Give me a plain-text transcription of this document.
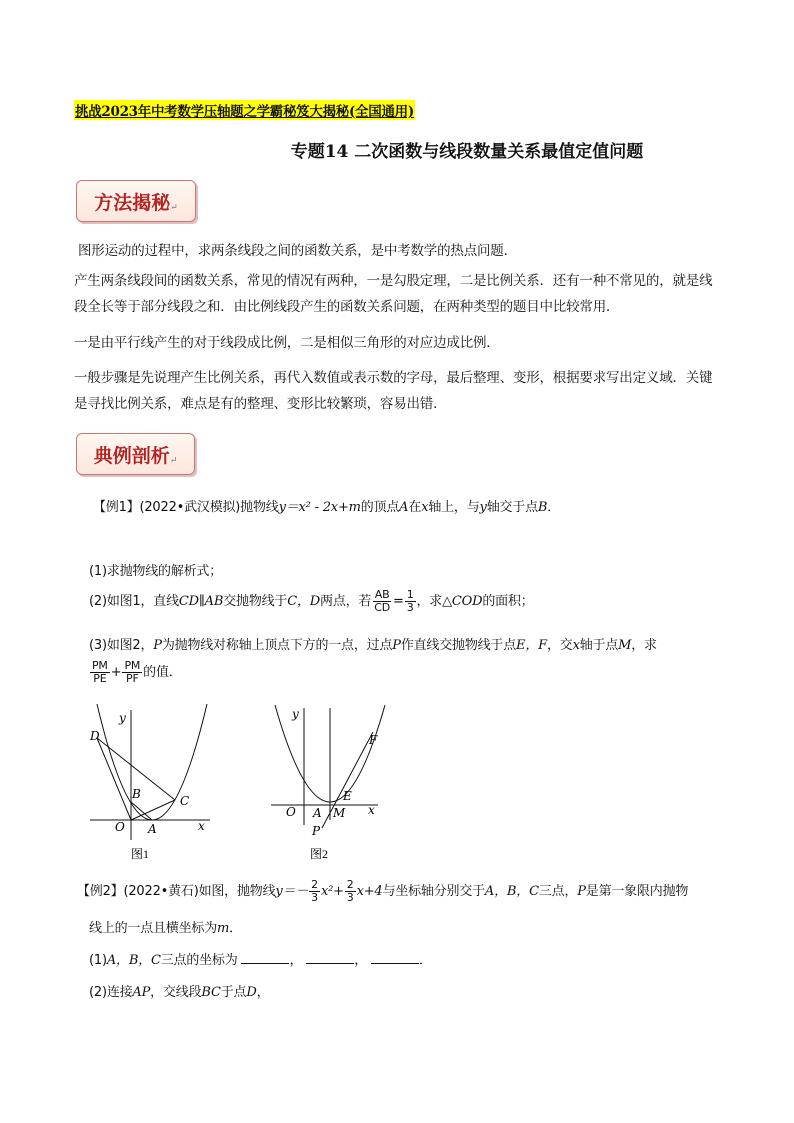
挑战2023年中考数学压轴题之学霸秘笈大揭秘(全国通用)
专题14 二次函数与线段数量关系最值定值问题
方法揭秘 ↵
图形运动的过程中，求两条线段之间的函数关系，是中考数学的热点问题．
产生两条线段间的函数关系，常见的情况有两种，一是勾股定理，二是比例关系．还有一种不常见的，就是线段全长等于部分线段之和．由比例线段产生的函数关系问题，在两种类型的题目中比较常用．
一是由平行线产生的对于线段成比例，二是相似三角形的对应边成比例．
一般步骤是先说理产生比例关系，再代入数值或表示数的字母，最后整理、变形，根据要求写出定义域．关键是寻找比例关系，难点是有的整理、变形比较繁琐，容易出错．
典例剖析 ↵
【例1】(2022•武汉模拟)抛物线y＝x² - 2x+m的顶点A在x轴上，与y轴交于点B．
(1)求抛物线的解析式；
(2)如图1，直线CD∥AB交抛物线于C，D两点，若 $\frac{AB}{CD} = \frac{1}{3}$ ，求△COD的面积；
(3)如图2，P为抛物线对称轴上顶点下方的一点，过点P作直线交抛物线于点E，F，交x轴于点M，求
$\frac{PM}{PE} + \frac{PM}{PF}$ 的值．
y
D
B	C
O A	x
图1
y
F
E
O A M
P
x
图2
【例2】(2022•黄石)如图，抛物线$y=- \frac{2}{3} x^2+ \frac{2}{3} x+4$与坐标轴分别交于A，B，C三点，P是第一象限内抛物
线上的一点且横坐标为m．
(1)A，B，C三点的坐标为	，	，	．
(2)连接AP，交线段BC于点D，
